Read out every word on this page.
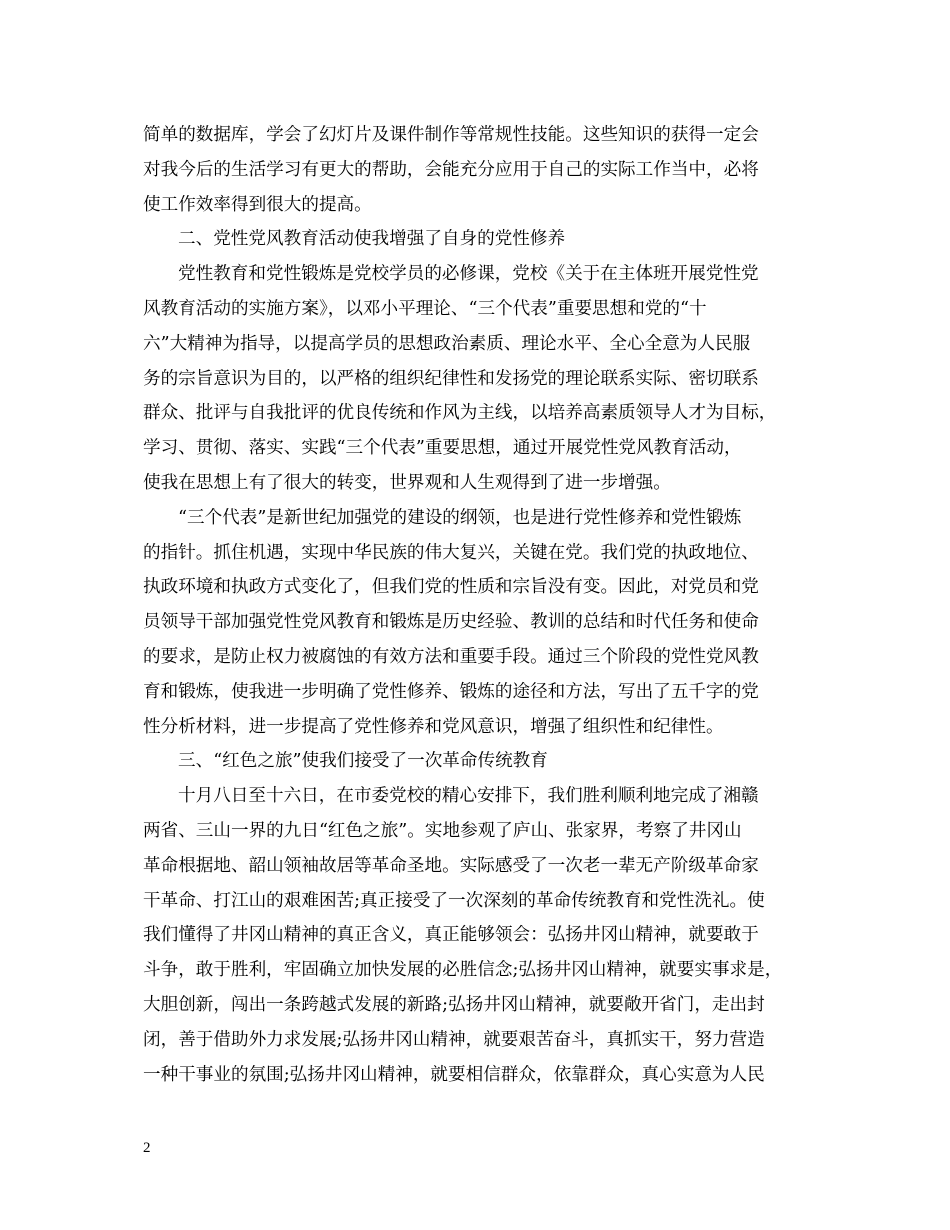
简单的数据库，学会了幻灯片及课件制作等常规性技能。这些知识的获得一定会
对我今后的生活学习有更大的帮助，会能充分应用于自己的实际工作当中，必将
使工作效率得到很大的提高。
二、党性党风教育活动使我增强了自身的党性修养
党性教育和党性锻炼是党校学员的必修课，党校《关于在主体班开展党性党
风教育活动的实施方案》，以邓小平理论、“三个代表”重要思想和党的“十
六”大精神为指导，以提高学员的思想政治素质、理论水平、全心全意为人民服
务的宗旨意识为目的，以严格的组织纪律性和发扬党的理论联系实际、密切联系
群众、批评与自我批评的优良传统和作风为主线，以培养高素质领导人才为目标，
学习、贯彻、落实、实践“三个代表”重要思想，通过开展党性党风教育活动，
使我在思想上有了很大的转变，世界观和人生观得到了进一步增强。
“三个代表”是新世纪加强党的建设的纲领，也是进行党性修养和党性锻炼
的指针。抓住机遇，实现中华民族的伟大复兴，关键在党。我们党的执政地位、
执政环境和执政方式变化了，但我们党的性质和宗旨没有变。因此，对党员和党
员领导干部加强党性党风教育和锻炼是历史经验、教训的总结和时代任务和使命
的要求，是防止权力被腐蚀的有效方法和重要手段。通过三个阶段的党性党风教
育和锻炼，使我进一步明确了党性修养、锻炼的途径和方法，写出了五千字的党
性分析材料，进一步提高了党性修养和党风意识，增强了组织性和纪律性。
三、“红色之旅”使我们接受了一次革命传统教育
十月八日至十六日，在市委党校的精心安排下，我们胜利顺利地完成了湘赣
两省、三山一界的九日“红色之旅”。实地参观了庐山、张家界，考察了井冈山
革命根据地、韶山领袖故居等革命圣地。实际感受了一次老一辈无产阶级革命家
干革命、打江山的艰难困苦;真正接受了一次深刻的革命传统教育和党性洗礼。使
我们懂得了井冈山精神的真正含义，真正能够领会：弘扬井冈山精神，就要敢于
斗争，敢于胜利，牢固确立加快发展的必胜信念;弘扬井冈山精神，就要实事求是，
大胆创新，闯出一条跨越式发展的新路;弘扬井冈山精神，就要敞开省门，走出封
闭，善于借助外力求发展;弘扬井冈山精神，就要艰苦奋斗，真抓实干，努力营造
一种干事业的氛围;弘扬井冈山精神，就要相信群众，依靠群众，真心实意为人民
2
